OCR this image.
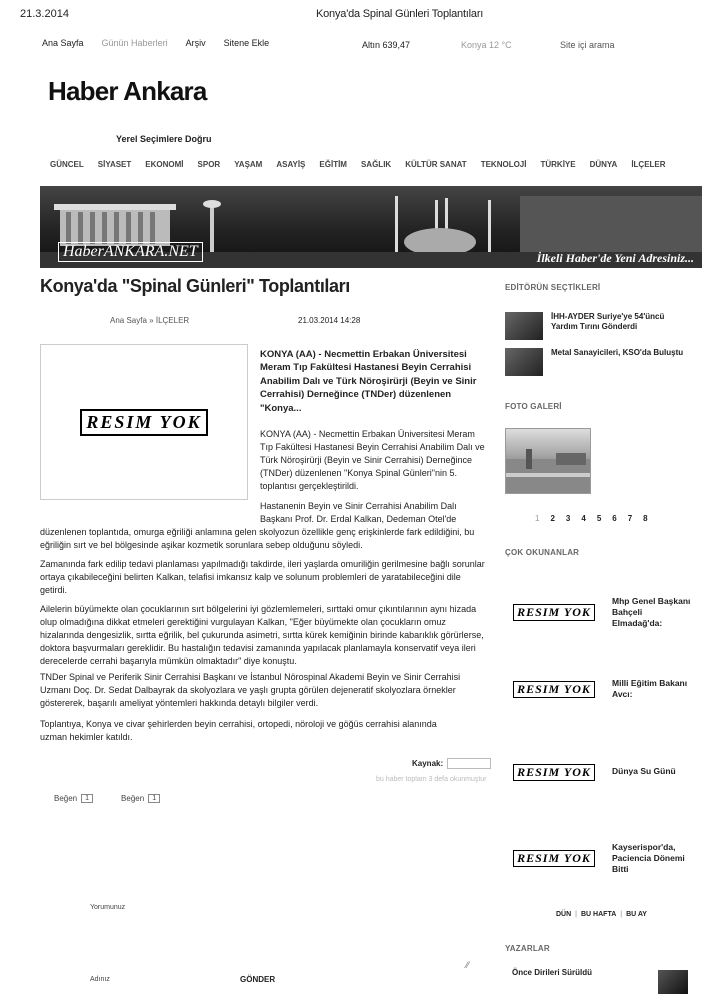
21.3.2014	Konya'da Spinal Günleri Toplantıları
Ana Sayfa Günün Haberleri Arşiv Sitene Ekle	Altın 639,47	Konya 12 °C	Site içi arama
Haber Ankara
Yerel Seçimlere Doğru
GÜNCEL SİYASET EKONOMİ SPOR YAŞAM ASAYİŞ EĞİTİM SAĞLIK KÜLTÜR SANAT TEKNOLOJİ TÜRKİYE DÜNYA İLÇELER
HaberANKARA.NET	İlkeli Haber'de Yeni Adresiniz...
Konya'da "Spinal Günleri" Toplantıları
Ana Sayfa » İLÇELER	21.03.2014 14:28
RESIM YOK

KONYA (AA) - Necmettin Erbakan Üniversitesi Meram Tıp Fakültesi Hastanesi Beyin Cerrahisi Anabilim Dalı ve Türk Nöroşirürji (Beyin ve Sinir Cerrahisi) Derneğince (TNDer) düzenlenen "Konya...

KONYA (AA) - Necmettin Erbakan Üniversitesi Meram Tıp Fakültesi Hastanesi Beyin Cerrahisi Anabilim Dalı ve Türk Nöroşirürji (Beyin ve Sinir Cerrahisi) Derneğince (TNDer) düzenlenen "Konya Spinal Günleri"nin 5. toplantısı gerçekleştirildi.

Hastanenin Beyin ve Sinir Cerrahisi Anabilim Dalı Başkanı Prof. Dr. Erdal Kalkan, Dedeman Otel'de

düzenlenen toplantıda, omurga eğriliği anlamına gelen skolyozun özellikle genç erişkinlerde fark edildiğini, bu eğriliğin sırt ve bel bölgesinde aşikar kozmetik sorunlara sebep olduğunu söyledi.

Zamanında fark edilip tedavi planlaması yapılmadığı takdirde, ileri yaşlarda omuriliğin gerilmesine bağlı sorunlar ortaya çıkabileceğini belirten Kalkan, telafisi imkansız kalp ve solunum problemleri de yaratabileceğini dile getirdi.

Ailelerin büyümekte olan çocuklarının sırt bölgelerini iyi gözlemlemeleri, sırttaki omur çıkıntılarının aynı hizada olup olmadığına dikkat etmeleri gerektiğini vurgulayan Kalkan, "Eğer büyümekte olan çocukların omuz hizalarında dengesizlik, sırtta eğrilik, bel çukurunda asimetri, sırtta kürek kemiğinin birinde kabarıklık görürlerse, doktora başvurmaları gereklidir. Bu hastalığın tedavisi zamanında yapılacak planlamayla konservatif veya ileri derecelerde cerrahi başarıyla mümkün olmaktadır" diye konuştu.

TNDer Spinal ve Periferik Sinir Cerrahisi Başkanı ve İstanbul Nörospinal Akademi Beyin ve Sinir Cerrahisi Uzmanı Doç. Dr. Sedat Dalbayrak da skolyozlara ve yaşlı grupta görülen dejeneratif skolyozlara örnekler göstererek, başarılı ameliyat yöntemleri hakkında detaylı bilgiler verdi.

Toplantıya, Konya ve civar şehirlerden beyin cerrahisi, ortopedi, nöroloji ve göğüs cerrahisi alanında uzman hekimler katıldı.

Kaynak:
bu haber toplam 3 defa okunmuştur
Beğen	1	Beğen	1
Yorumunuz
⁄⁄
Adınız	GÖNDER
EDİTÖRÜN SEÇTİKLERİ
İHH-AYDER Suriye'ye 54'üncü Yardım Tırını Gönderdi
Metal Sanayicileri, KSO'da Buluştu
FOTO GALERİ
1 2 3 4 5 6 7 8
ÇOK OKUNANLAR
RESIM YOK
Mhp Genel Başkanı Bahçeli Elmadağ'da:
RESIM YOK	Milli Eğitim Bakanı Avcı:
RESIM YOK	Dünya Su Günü
RESIM YOK
Kayserispor'da, Paciencia Dönemi Bitti
DÜN | BU HAFTA | BU AY
YAZARLAR
Önce Dirileri Sürüldü
